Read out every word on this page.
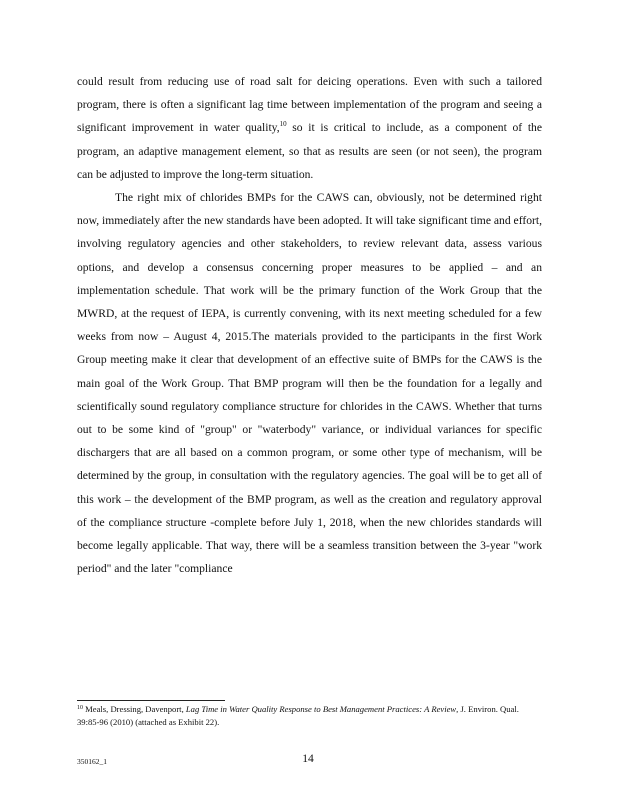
could result from reducing use of road salt for deicing operations. Even with such a tailored program, there is often a significant lag time between implementation of the program and seeing a significant improvement in water quality,$^{10}$ so it is critical to include, as a component of the program, an adaptive management element, so that as results are seen (or not seen), the program can be adjusted to improve the long-term situation.

The right mix of chlorides BMPs for the CAWS can, obviously, not be determined right now, immediately after the new standards have been adopted. It will take significant time and effort, involving regulatory agencies and other stakeholders, to review relevant data, assess various options, and develop a consensus concerning proper measures to be applied – and an implementation schedule. That work will be the primary function of the Work Group that the MWRD, at the request of IEPA, is currently convening, with its next meeting scheduled for a few weeks from now – August 4, 2015.The materials provided to the participants in the first Work Group meeting make it clear that development of an effective suite of BMPs for the CAWS is the main goal of the Work Group. That BMP program will then be the foundation for a legally and scientifically sound regulatory compliance structure for chlorides in the CAWS. Whether that turns out to be some kind of "group" or "waterbody" variance, or individual variances for specific dischargers that are all based on a common program, or some other type of mechanism, will be determined by the group, in consultation with the regulatory agencies. The goal will be to get all of this work – the development of the BMP program, as well as the creation and regulatory approval of the compliance structure -complete before July 1, 2018, when the new chlorides standards will become legally applicable. That way, there will be a seamless transition between the 3-year "work period" and the later "compliance

$^{10}$ Meals, Dressing, Davenport, Lag Time in Water Quality Response to Best Management Practices: A Review, J. Environ. Qual. 39:85-96 (2010) (attached as Exhibit 22).
350162_1	14
